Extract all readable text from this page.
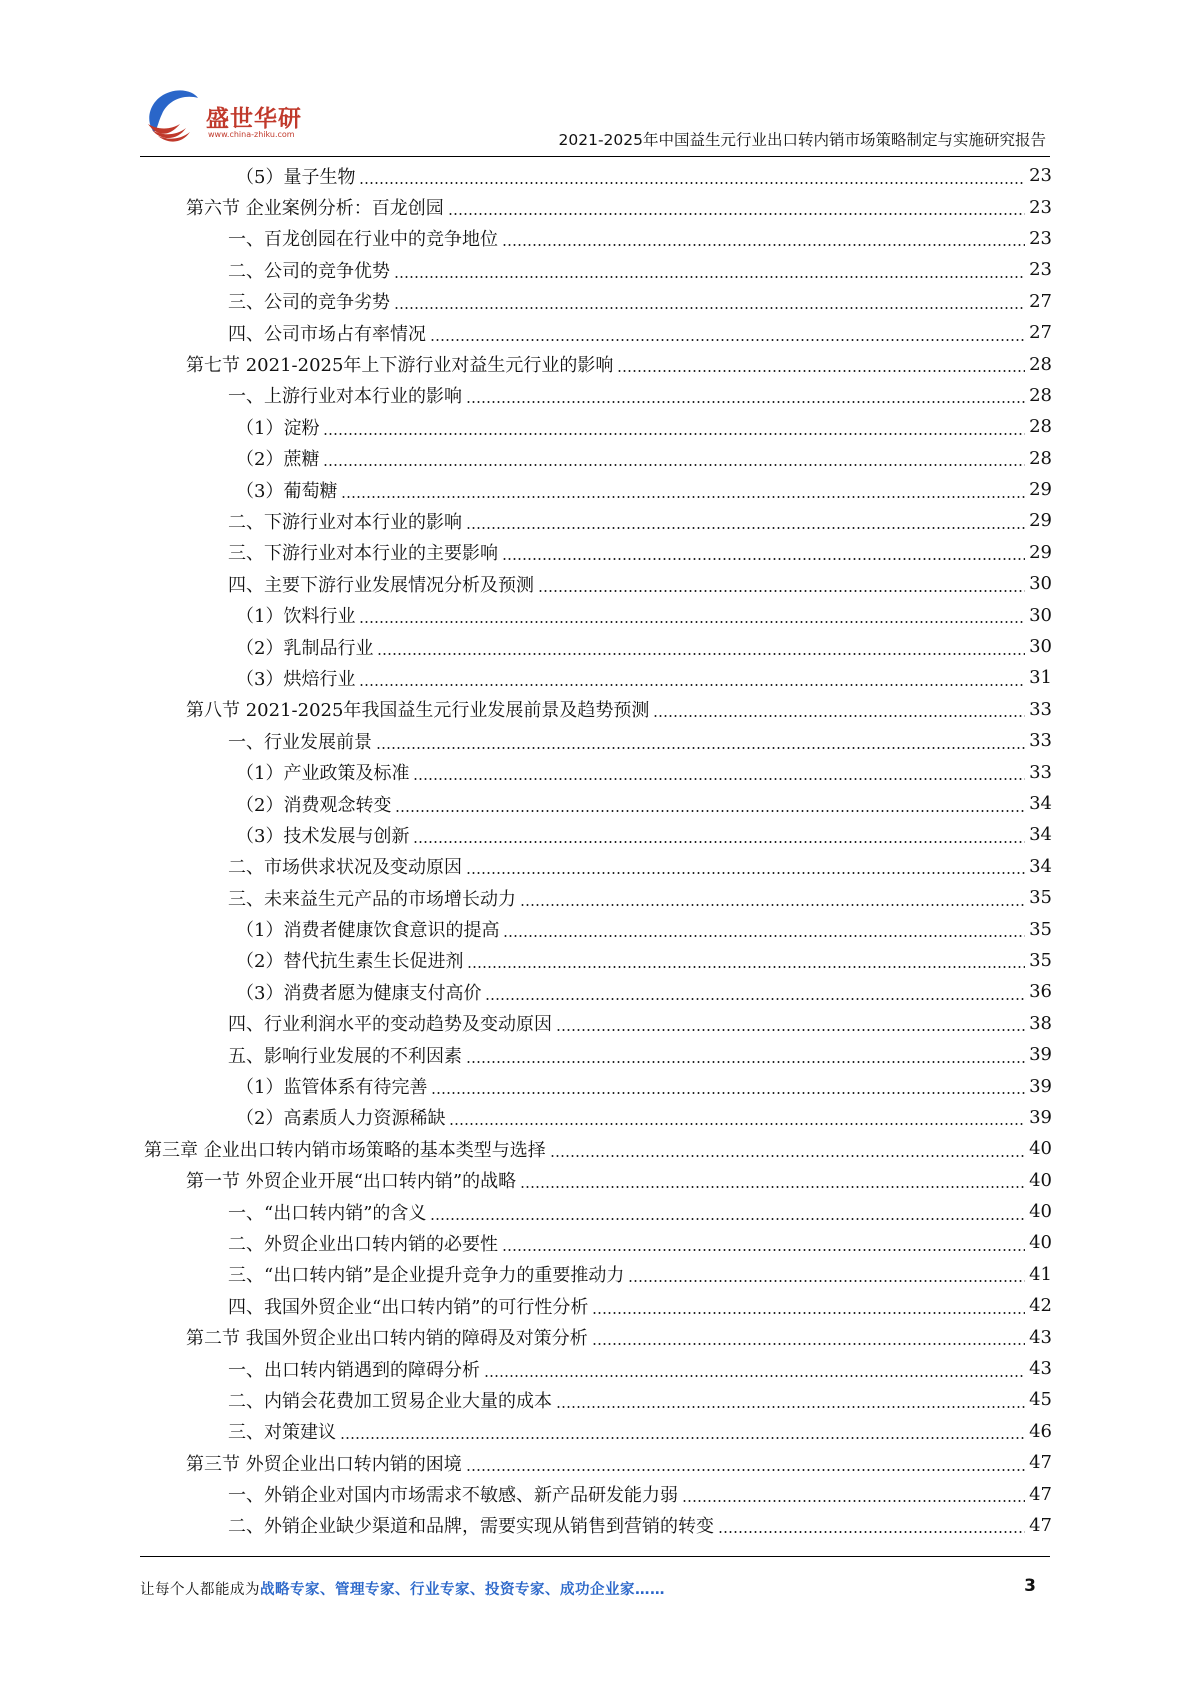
盛世华研
www.china-zhiku.com	2021-2025年中国益生元行业出口转内销市场策略制定与实施研究报告
（5）量子生物	23
第六节 企业案例分析：百龙创园	23
一、百龙创园在行业中的竞争地位	23
二、公司的竞争优势	23
三、公司的竞争劣势	27
四、公司市场占有率情况	27
第七节 2021-2025年上下游行业对益生元行业的影响	28
一、上游行业对本行业的影响	28
（1）淀粉	28
（2）蔗糖	28
（3）葡萄糖	29
二、下游行业对本行业的影响	29
三、下游行业对本行业的主要影响	29
四、主要下游行业发展情况分析及预测	30
（1）饮料行业	30
（2）乳制品行业	30
（3）烘焙行业	31
第八节 2021-2025年我国益生元行业发展前景及趋势预测	33
一、行业发展前景	33
（1）产业政策及标准	33
（2）消费观念转变	34
（3）技术发展与创新	34
二、市场供求状况及变动原因	34
三、未来益生元产品的市场增长动力	35
（1）消费者健康饮食意识的提高	35
（2）替代抗生素生长促进剂	35
（3）消费者愿为健康支付高价	36
四、行业利润水平的变动趋势及变动原因	38
五、影响行业发展的不利因素	39
（1）监管体系有待完善	39
（2）高素质人力资源稀缺	39
第三章 企业出口转内销市场策略的基本类型与选择	40
第一节 外贸企业开展“出口转内销”的战略	40
一、“出口转内销”的含义	40
二、外贸企业出口转内销的必要性	40
三、“出口转内销”是企业提升竞争力的重要推动力	41
四、我国外贸企业“出口转内销”的可行性分析	42
第二节 我国外贸企业出口转内销的障碍及对策分析	43
一、出口转内销遇到的障碍分析	43
二、内销会花费加工贸易企业大量的成本	45
三、对策建议	46
第三节 外贸企业出口转内销的困境	47
一、外销企业对国内市场需求不敏感、新产品研发能力弱	47
二、外销企业缺少渠道和品牌，需要实现从销售到营销的转变	47
让每个人都能成为战略专家、管理专家、行业专家、投资专家、成功企业家……	3
